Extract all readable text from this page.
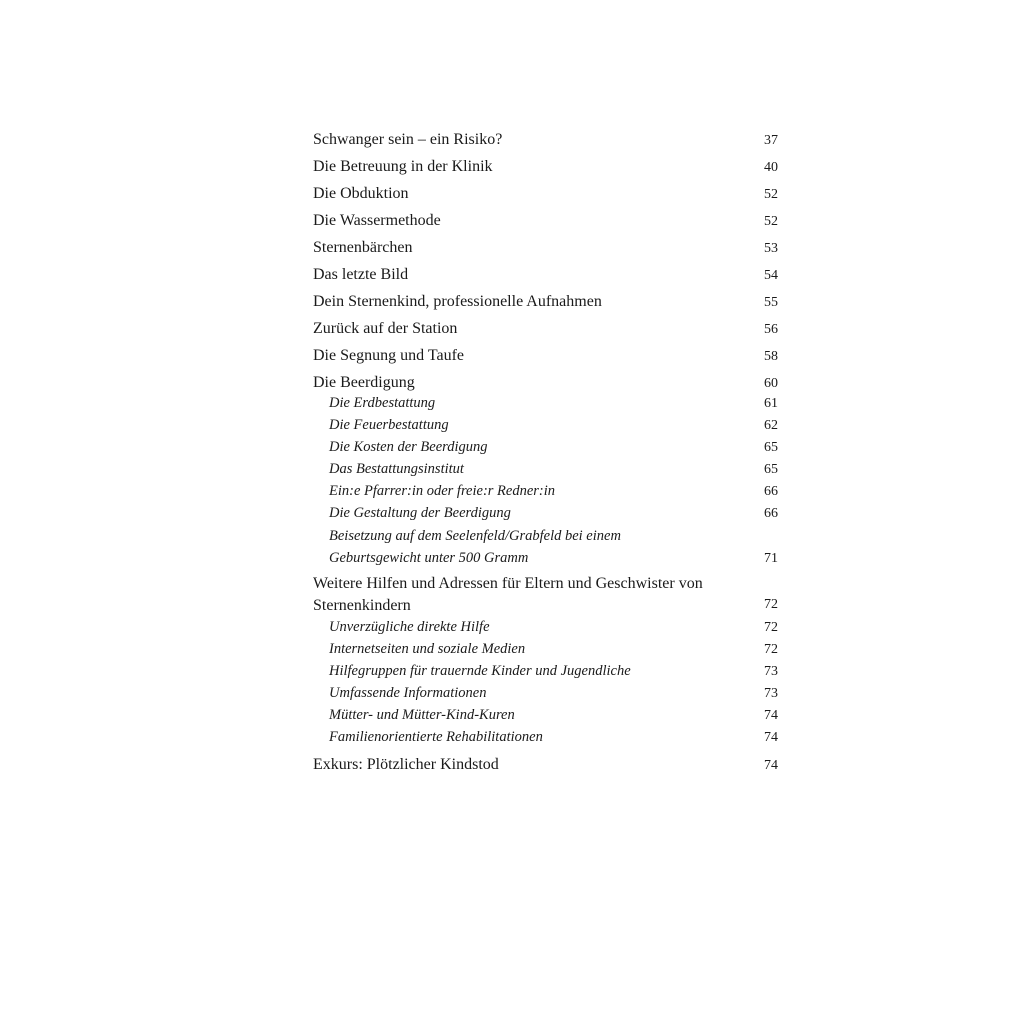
Schwanger sein – ein Risiko?	37
Die Betreuung in der Klinik	40
Die Obduktion	52
Die Wassermethode	52
Sternenbärchen	53
Das letzte Bild	54
Dein Sternenkind, professionelle Aufnahmen	55
Zurück auf der Station	56
Die Segnung und Taufe	58
Die Beerdigung	60
Die Erdbestattung	61
Die Feuerbestattung	62
Die Kosten der Beerdigung	65
Das Bestattungsinstitut	65
Ein:e Pfarrer:in oder freie:r Redner:in	66
Die Gestaltung der Beerdigung	66
Beisetzung auf dem Seelenfeld/Grabfeld bei einem Geburtsgewicht unter 500 Gramm	71
Weitere Hilfen und Adressen für Eltern und Geschwister von Sternenkindern	72
Unverzügliche direkte Hilfe	72
Internetseiten und soziale Medien	72
Hilfegruppen für trauernde Kinder und Jugendliche	73
Umfassende Informationen	73
Mütter- und Mütter-Kind-Kuren	74
Familienorientierte Rehabilitationen	74
Exkurs: Plötzlicher Kindstod	74
